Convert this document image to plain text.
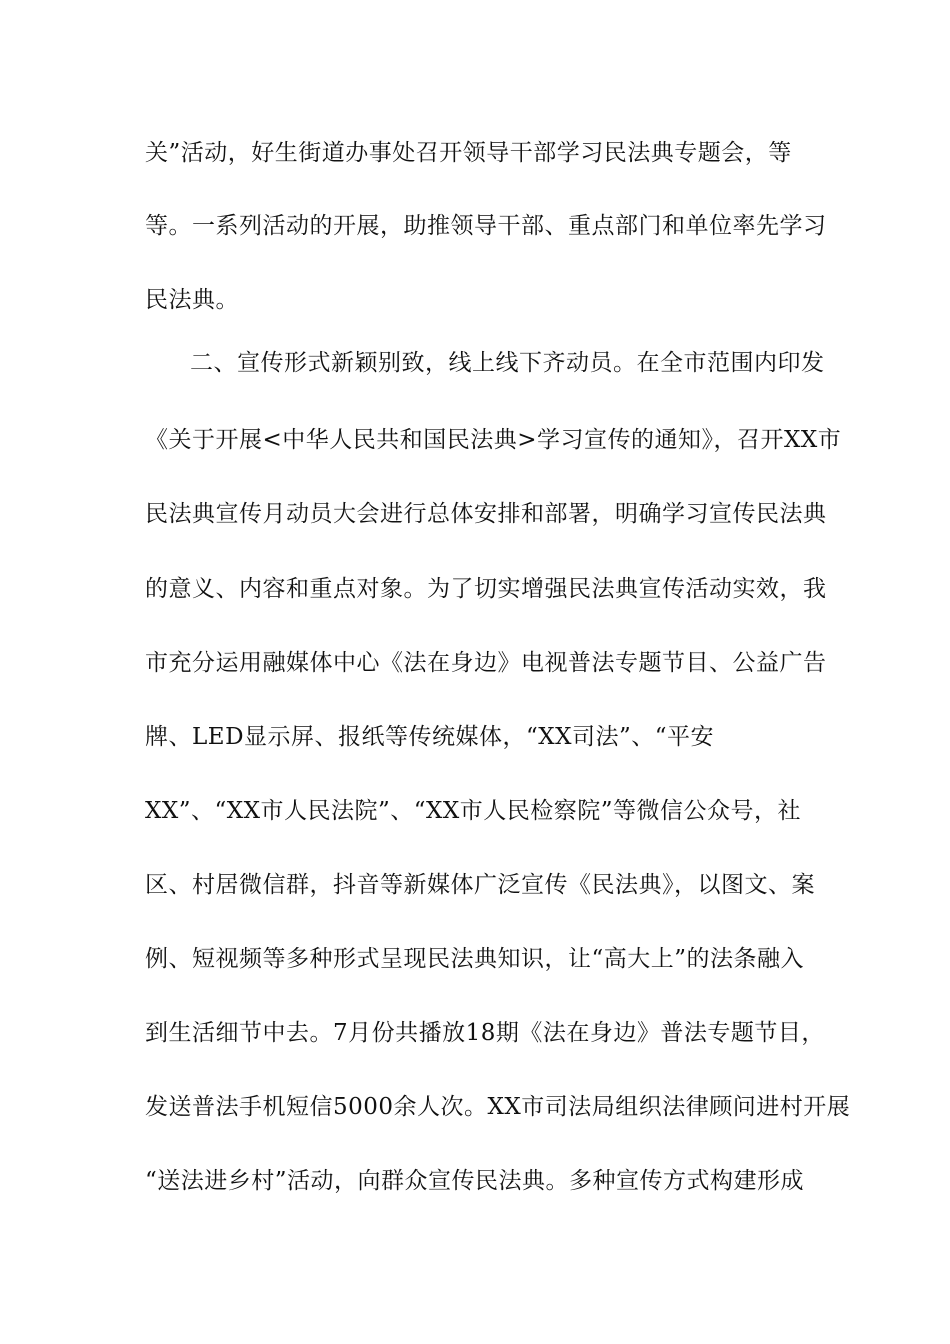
关”活动，好生街道办事处召开领导干部学习民法典专题会，等
等。一系列活动的开展，助推领导干部、重点部门和单位率先学习
民法典。
二、宣传形式新颖别致，线上线下齐动员。在全市范围内印发
《关于开展<中华人民共和国民法典>学习宣传的通知》，召开XX市
民法典宣传月动员大会进行总体安排和部署，明确学习宣传民法典
的意义、内容和重点对象。为了切实增强民法典宣传活动实效，我
市充分运用融媒体中心《法在身边》电视普法专题节目、公益广告
牌、LED显示屏、报纸等传统媒体，“XX司法”、“平安
XX”、“XX市人民法院”、“XX市人民检察院”等微信公众号，社
区、村居微信群，抖音等新媒体广泛宣传《民法典》，以图文、案
例、短视频等多种形式呈现民法典知识，让“高大上”的法条融入
到生活细节中去。7月份共播放18期《法在身边》普法专题节目，
发送普法手机短信5000余人次。XX市司法局组织法律顾问进村开展
“送法进乡村”活动，向群众宣传民法典。多种宣传方式构建形成
